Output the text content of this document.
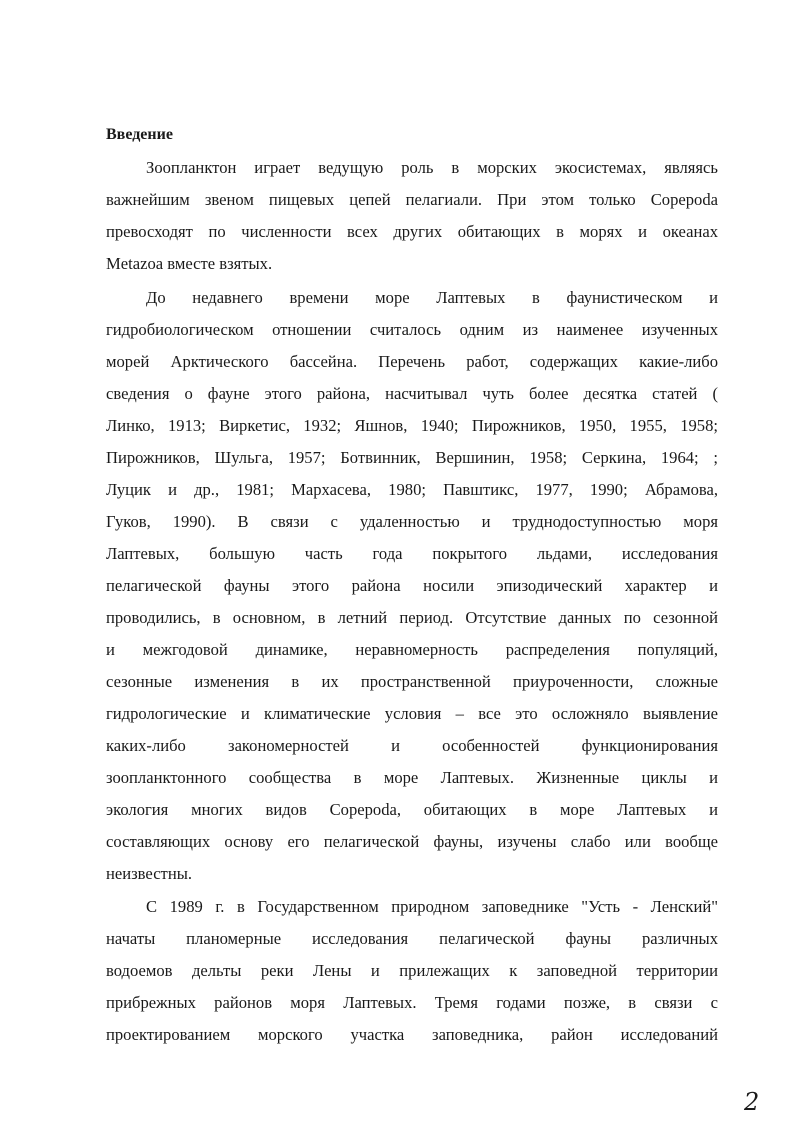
Введение
Зоопланктон играет ведущую роль в морских экосистемах, являясь
важнейшим звеном пищевых цепей пелагиали. При этом только Copepoda
превосходят по численности всех других обитающих в морях и океанах
Metazoa вместе взятых.
До недавнего времени море Лаптевых в фаунистическом и
гидробиологическом отношении считалось одним из наименее изученных
морей Арктического бассейна. Перечень работ, содержащих какие-либо
сведения о фауне этого района, насчитывал чуть более десятка статей (
Линко, 1913; Виркетис, 1932; Яшнов, 1940; Пирожников, 1950, 1955, 1958;
Пирожников, Шульга, 1957; Ботвинник, Вершинин, 1958; Серкина, 1964; ;
Луцик и др., 1981; Мархасева, 1980; Павштикс, 1977, 1990; Абрамова,
Гуков, 1990). В связи с удаленностью и труднодоступностью моря
Лаптевых, большую часть года покрытого льдами, исследования
пелагической фауны этого района носили эпизодический характер и
проводились, в основном, в летний период. Отсутствие данных по сезонной
и межгодовой динамике, неравномерность распределения популяций,
сезонные изменения в их пространственной приуроченности, сложные
гидрологические и климатические условия – все это осложняло выявление
каких-либо закономерностей и особенностей функционирования
зоопланктонного сообщества в море Лаптевых. Жизненные циклы и
экология многих видов Copepoda, обитающих в море Лаптевых и
составляющих основу его пелагической фауны, изучены слабо или вообще
неизвестны.
С 1989 г. в Государственном природном заповеднике "Усть - Ленский"
начаты планомерные исследования пелагической фауны различных
водоемов дельты реки Лены и прилежащих к заповедной территории
прибрежных районов моря Лаптевых. Тремя годами позже, в связи с
проектированием морского участка заповедника, район исследований
2
